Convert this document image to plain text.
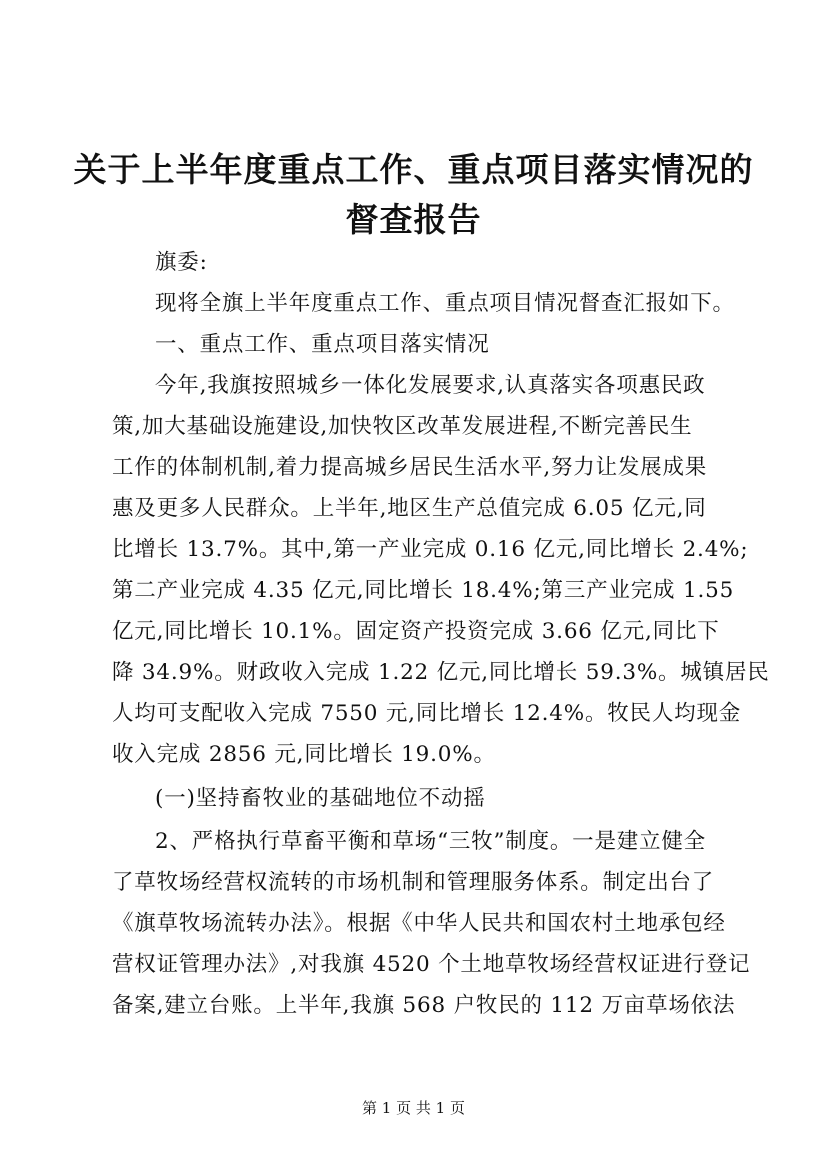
关于上半年度重点工作、重点项目落实情况的
督查报告

旗委:

现将全旗上半年度重点工作、重点项目情况督查汇报如下。

一、重点工作、重点项目落实情况

今年,我旗按照城乡一体化发展要求,认真落实各项惠民政

策,加大基础设施建设,加快牧区改革发展进程,不断完善民生

工作的体制机制,着力提高城乡居民生活水平,努力让发展成果

惠及更多人民群众。上半年,地区生产总值完成 6.05 亿元,同

比增长 13.7%。其中,第一产业完成 0.16 亿元,同比增长 2.4%;

第二产业完成 4.35 亿元,同比增长 18.4%;第三产业完成 1.55

亿元,同比增长 10.1%。固定资产投资完成 3.66 亿元,同比下

降 34.9%。财政收入完成 1.22 亿元,同比增长 59.3%。城镇居民

人均可支配收入完成 7550 元,同比增长 12.4%。牧民人均现金

收入完成 2856 元,同比增长 19.0%。

(一)坚持畜牧业的基础地位不动摇

2、严格执行草畜平衡和草场“三牧”制度。一是建立健全

了草牧场经营权流转的市场机制和管理服务体系。制定出台了

《旗草牧场流转办法》。根据《中华人民共和国农村土地承包经

营权证管理办法》,对我旗 4520 个土地草牧场经营权证进行登记

备案,建立台账。上半年,我旗 568 户牧民的 112 万亩草场依法

第 1 页 共 1 页
